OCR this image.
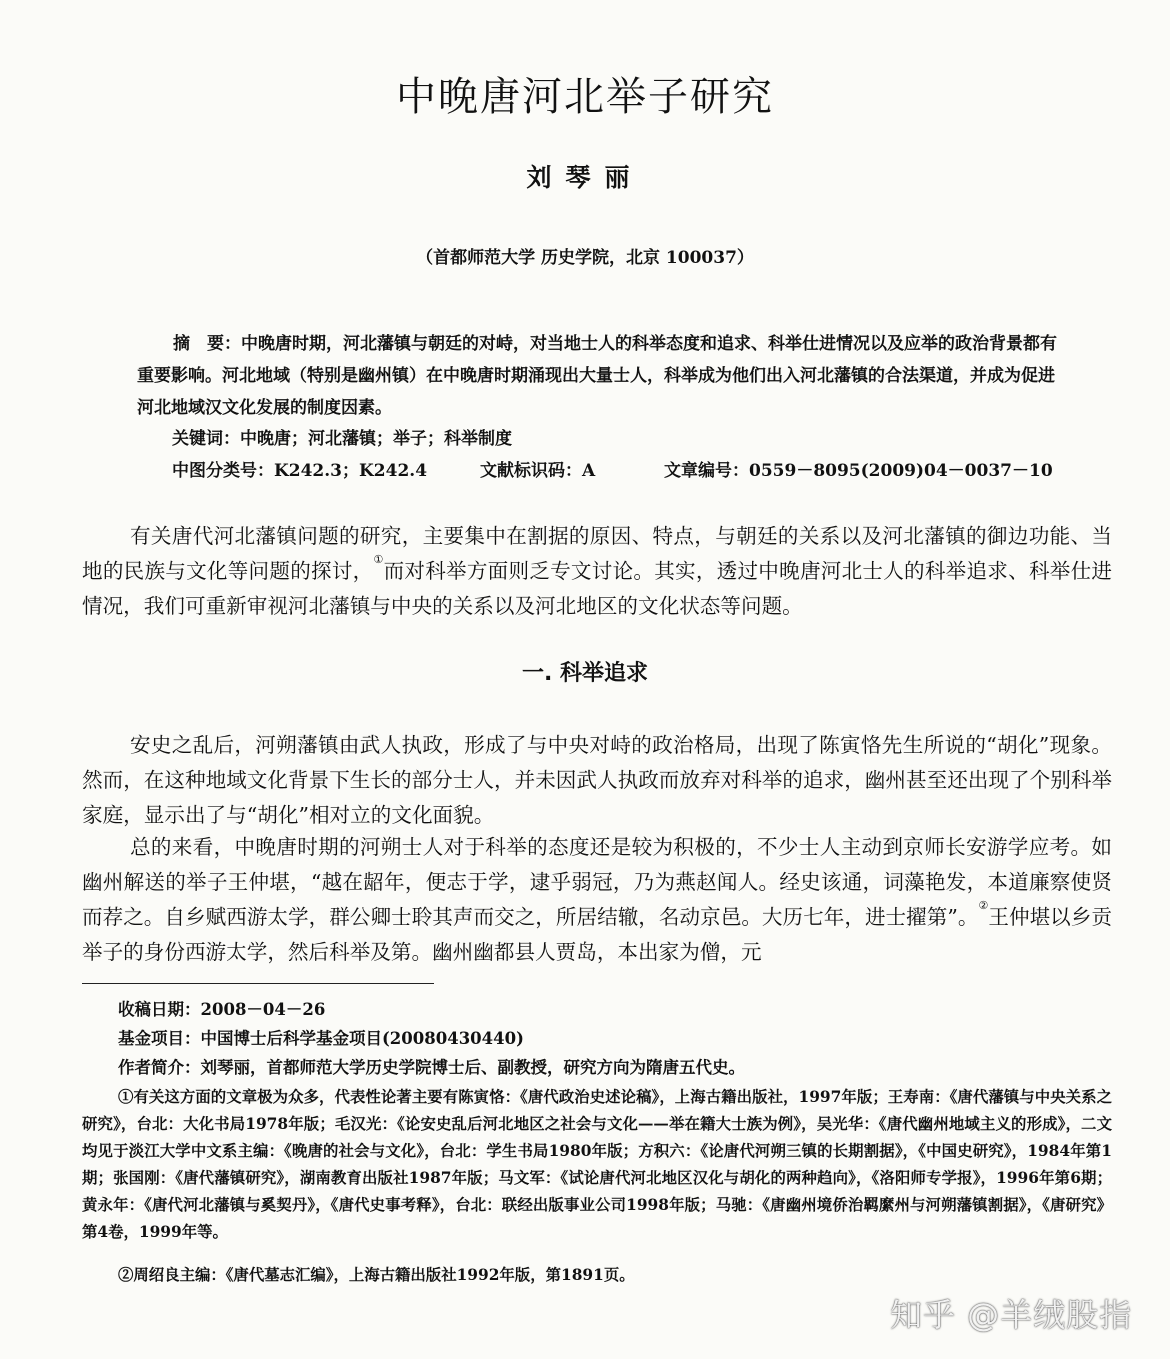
中晚唐河北举子研究
刘琴丽
（首都师范大学 历史学院，北京 100037）

摘　要：中晚唐时期，河北藩镇与朝廷的对峙，对当地士人的科举态度和追求、科举仕进情况以及应举的政治背景都有重要影响。河北地域（特别是幽州镇）在中晚唐时期涌现出大量士人，科举成为他们出入河北藩镇的合法渠道，并成为促进河北地域汉文化发展的制度因素。

关键词：中晚唐；河北藩镇；举子；科举制度

中图分类号：K242.3；K242.4	文献标识码：A	文章编号：0559－8095(2009)04－0037－10

有关唐代河北藩镇问题的研究，主要集中在割据的原因、特点，与朝廷的关系以及河北藩镇的御边功能、当地的民族与文化等问题的探讨，①而对科举方面则乏专文讨论。其实，透过中晚唐河北士人的科举追求、科举仕进情况，我们可重新审视河北藩镇与中央的关系以及河北地区的文化状态等问题。

一. 科举追求

安史之乱后，河朔藩镇由武人执政，形成了与中央对峙的政治格局，出现了陈寅恪先生所说的“胡化”现象。然而，在这种地域文化背景下生长的部分士人，并未因武人执政而放弃对科举的追求，幽州甚至还出现了个别科举家庭，显示出了与“胡化”相对立的文化面貌。

总的来看，中晚唐时期的河朔士人对于科举的态度还是较为积极的，不少士人主动到京师长安游学应考。如幽州解送的举子王仲堪，“越在龆年，便志于学，逮乎弱冠，乃为燕赵闻人。经史该通，词藻艳发，本道廉察使贤而荐之。自乡赋西游太学，群公卿士聆其声而交之，所居结辙，名动京邑。大历七年，进士擢第”。②王仲堪以乡贡举子的身份西游太学，然后科举及第。幽州幽都县人贾岛，本出家为僧，元

收稿日期：2008－04－26

基金项目：中国博士后科学基金项目(20080430440)

作者简介：刘琴丽，首都师范大学历史学院博士后、副教授，研究方向为隋唐五代史。

①有关这方面的文章极为众多，代表性论著主要有陈寅恪：《唐代政治史述论稿》，上海古籍出版社，1997年版；王寿南：《唐代藩镇与中央关系之研究》，台北：大化书局1978年版；毛汉光：《论安史乱后河北地区之社会与文化——举在籍大士族为例》，吴光华：《唐代幽州地域主义的形成》，二文均见于淡江大学中文系主编：《晚唐的社会与文化》，台北：学生书局1980年版；方积六：《论唐代河朔三镇的长期割据》，《中国史研究》，1984年第1期；张国刚：《唐代藩镇研究》，湖南教育出版社1987年版；马文军：《试论唐代河北地区汉化与胡化的两种趋向》，《洛阳师专学报》，1996年第6期；黄永年：《唐代河北藩镇与奚契丹》，《唐代史事考释》，台北：联经出版事业公司1998年版；马驰：《唐幽州境侨治羁縻州与河朔藩镇割据》，《唐研究》第4卷，1999年等。

②周绍良主编：《唐代墓志汇编》，上海古籍出版社1992年版，第1891页。

知乎 @羊绒股指
